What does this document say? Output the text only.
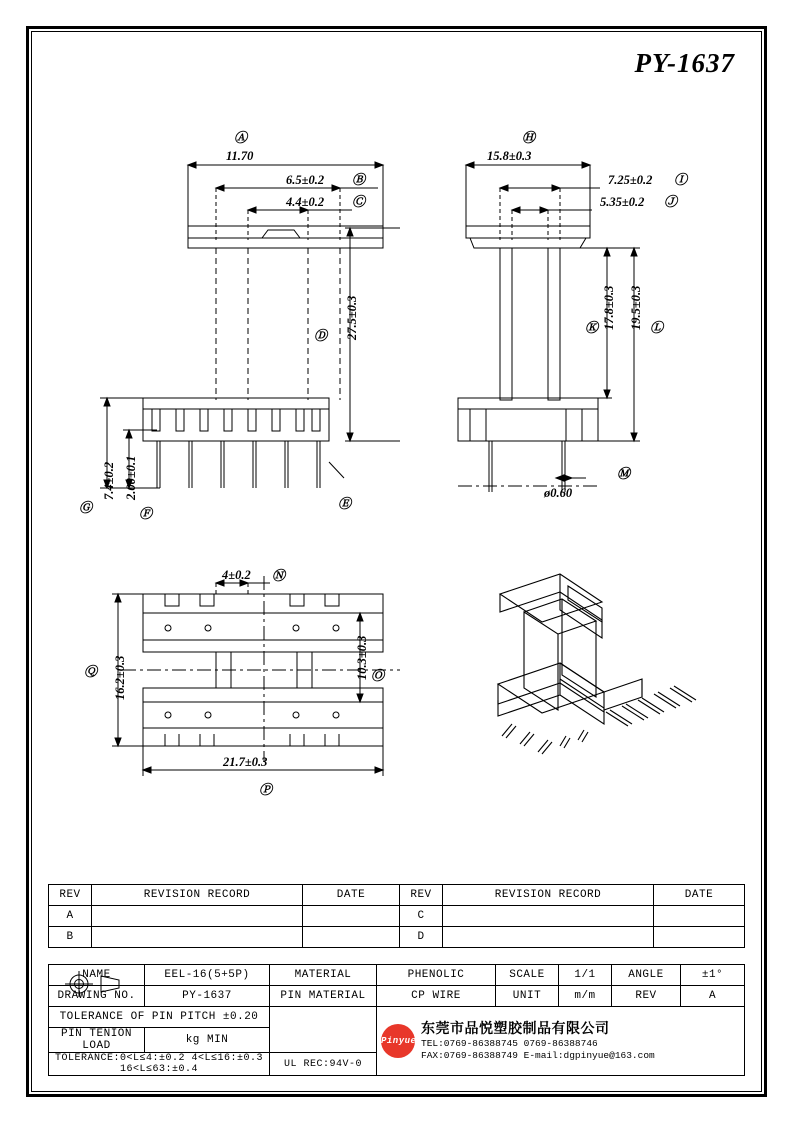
PY-1637
11.70
6.5±0.2
4.4±0.2
27.5±0.3
7.4±0.2 2.00±0.1
15.8±0.3
7.25±0.2
5.35±0.2
17.8±0.3 19.5±0.3
ø0.60
4±0.2
16.2±0.3	10.3±0.3
21.7±0.3
Ⓐ
Ⓑ
Ⓒ
Ⓓ
Ⓔ
Ⓕ
Ⓖ
Ⓗ
Ⓘ
Ⓙ
Ⓚ	Ⓛ
Ⓜ
Ⓝ
Ⓞ
Ⓟ
Ⓠ
REV	REVISION RECORD	DATE	REV	REVISION RECORD	DATE
A			C		
B			D		
NAME	EEL-16(5+5P)	MATERIAL	PHENOLIC	SCALE	1/1	ANGLE	±1°
DRAWING NO.	PY-1637	PIN MATERIAL	CP WIRE	UNIT	m/m	REV	A
TOLERANCE OF PIN PITCH ±0.20			Pinyue
东莞市品悦塑胶制品有限公司
TEL:0769-86388745 0769-86388746
FAX:0769-86388749 E-mail:dgpinyue@163.com				

PIN TENION LOAD	kg MIN						
TOLERANCE:0<L≤4:±0.2 4<L≤16:±0.3 16<L≤63:±0.4		UL REC:94V-0					
